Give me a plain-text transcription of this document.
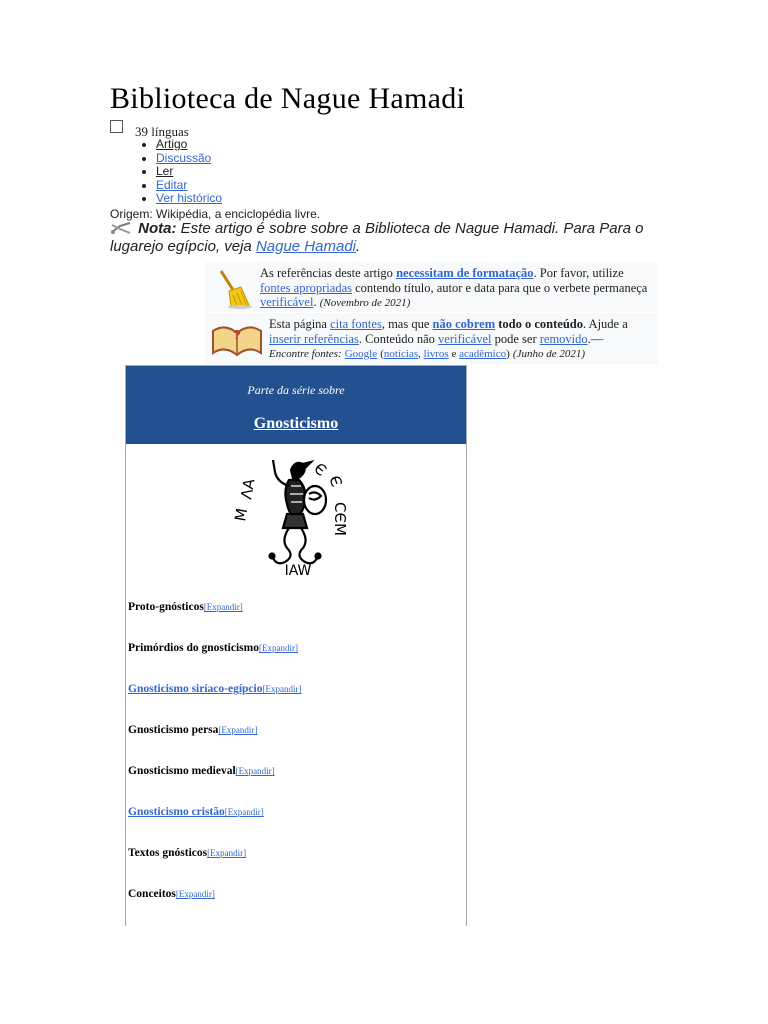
Biblioteca de Nague Hamadi
39 línguas
• Artigo
• Discussão
• Ler
• Editar
• Ver histórico
Origem: Wikipédia, a enciclopédia livre.
Nota: Este artigo é sobre sobre a Biblioteca de Nague Hamadi. Para Para o lugarejo egípcio, veja Nague Hamadi.
As referências deste artigo necessitam de formatação. Por favor, utilize fontes apropriadas contendo título, autor e data para que o verbete permaneça verificável. (Novembro de 2021)
?
Esta página cita fontes, mas que não cobrem todo o conteúdo. Ajude a inserir referências. Conteúdo não verificável pode ser removido.—
Encontre fontes: Google (notícias, livros e acadêmico) (Junho de 2021)
Parte da série sobre
Gnosticismo
ΛΑ
Μ
Є
Є
СЄМ
IAW
Proto-gnósticos[Expandir]
Primórdios do gnosticismo[Expandir]
Gnosticismo siríaco-egípcio[Expandir]
Gnosticismo persa[Expandir]
Gnosticismo medieval[Expandir]
Gnosticismo cristão[Expandir]
Textos gnósticos[Expandir]
Conceitos[Expandir]
